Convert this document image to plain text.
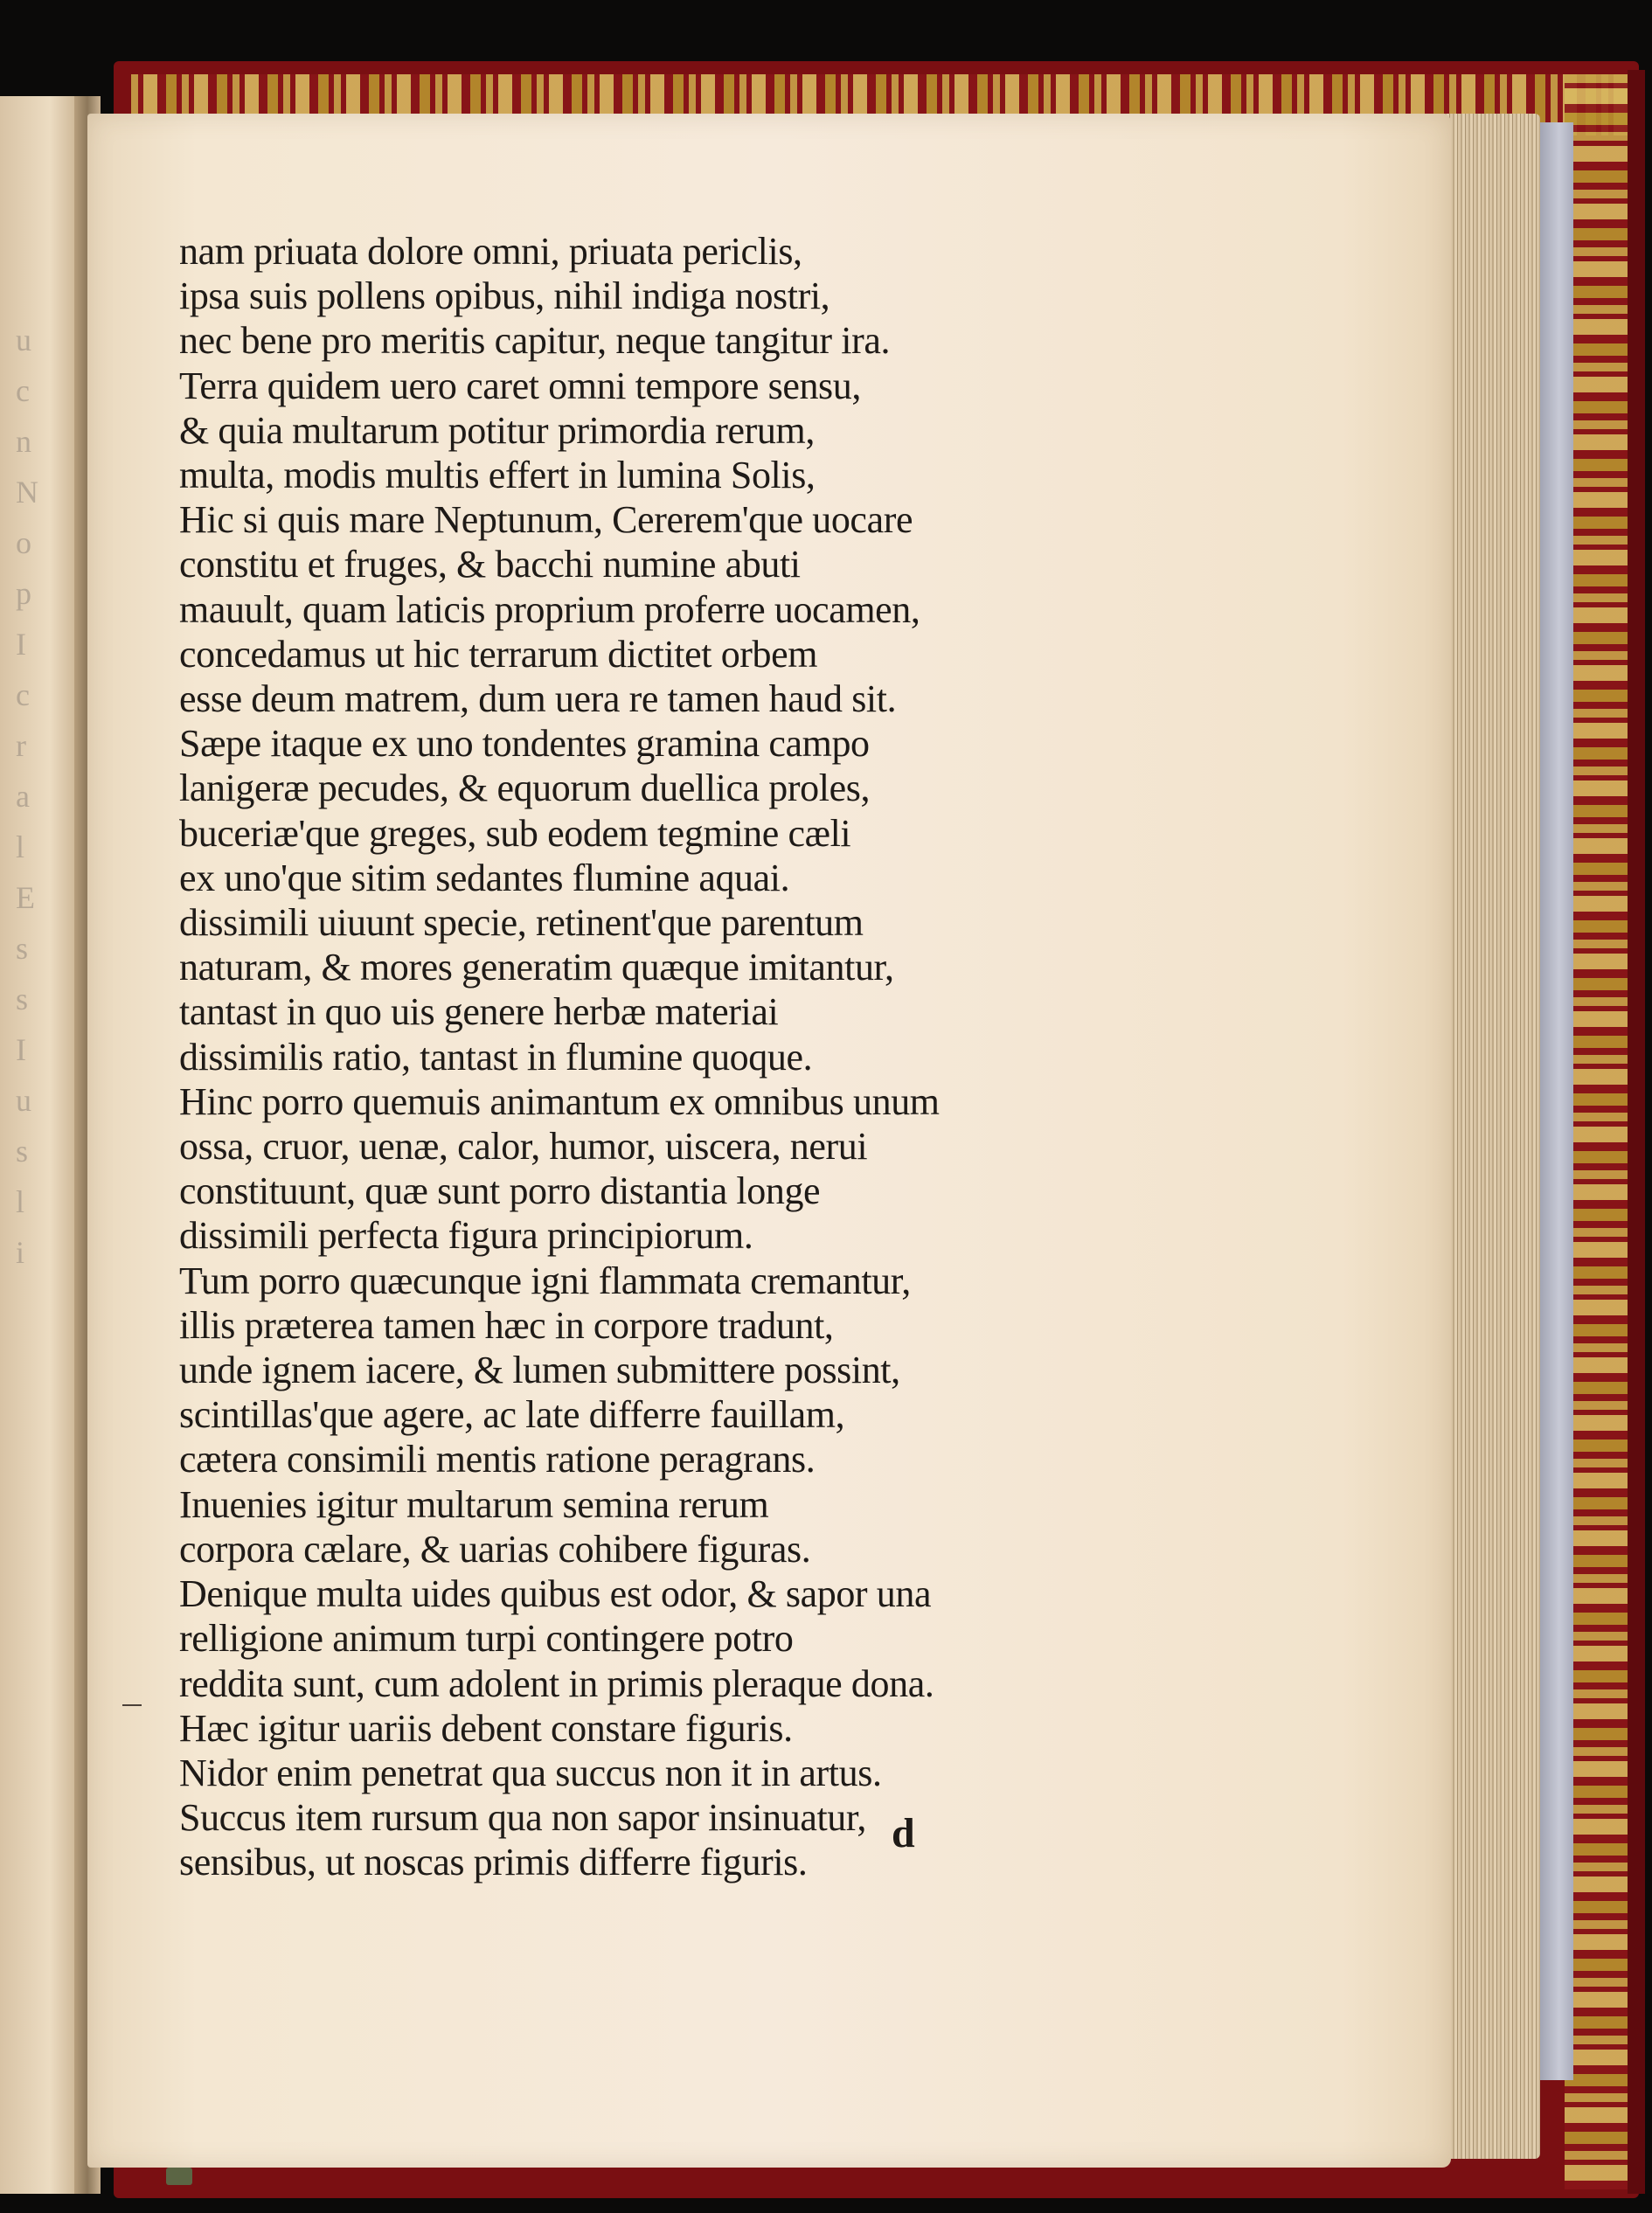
u
c
n
N
o
p
I
c
r
a
l
E
s
s
I
u
s
l
i
nam priuata dolore omni, priuata periclis,
ipsa suis pollens opibus, nihil indiga nostri,
nec bene pro meritis capitur, neque tangitur ira.
Terra quidem uero caret omni tempore sensu,
& quia multarum potitur primordia rerum,
multa, modis multis effert in lumina Solis,
Hic si quis mare Neptunum, Cererem'que uocare
constitu et fruges, & bacchi numine abuti
mauult, quam laticis proprium proferre uocamen,
concedamus ut hic terrarum dictitet orbem
esse deum matrem, dum uera re tamen haud sit.
Sæpe itaque ex uno tondentes gramina campo
lanigeræ pecudes, & equorum duellica proles,
buceriæ'que greges, sub eodem tegmine cæli
ex uno'que sitim sedantes flumine aquai.
dissimili uiuunt specie, retinent'que parentum
naturam, & mores generatim quæque imitantur,
tantast in quo uis genere herbæ materiai
dissimilis ratio, tantast in flumine quoque.
Hinc porro quemuis animantum ex omnibus unum
ossa, cruor, uenæ, calor, humor, uiscera, nerui
constituunt, quæ sunt porro distantia longe
dissimili perfecta figura principiorum.
Tum porro quæcunque igni flammata cremantur,
illis præterea tamen hæc in corpore tradunt,
unde ignem iacere, & lumen submittere possint,
scintillas'que agere, ac late differre fauillam,
cætera consimili mentis ratione peragrans.
Inuenies igitur multarum semina rerum
corpora cælare, & uarias cohibere figuras.
Denique multa uides quibus est odor, & sapor una
relligione animum turpi contingere potro
reddita sunt, cum adolent in primis pleraque dona.
Hæc igitur uariis debent constare figuris.
Nidor enim penetrat qua succus non it in artus.
Succus item rursum qua non sapor insinuatur,
sensibus, ut noscas primis differre figuris.
d
